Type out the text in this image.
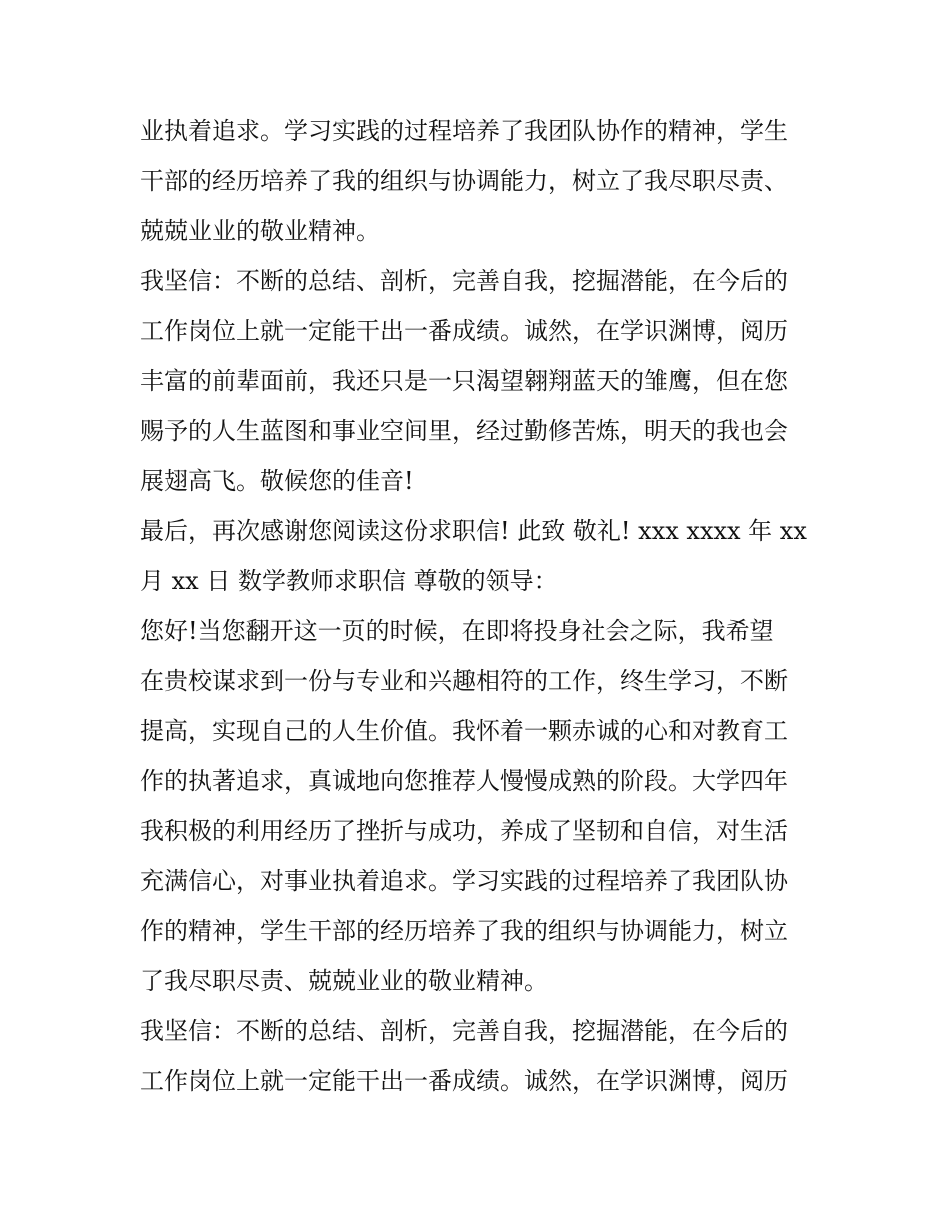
业执着追求。学习实践的过程培养了我团队协作的精神，学生
干部的经历培养了我的组织与协调能力，树立了我尽职尽责、
兢兢业业的敬业精神。
我坚信：不断的总结、剖析，完善自我，挖掘潜能，在今后的
工作岗位上就一定能干出一番成绩。诚然，在学识渊博，阅历
丰富的前辈面前，我还只是一只渴望翱翔蓝天的雏鹰，但在您
赐予的人生蓝图和事业空间里，经过勤修苦炼，明天的我也会
展翅高飞。敬候您的佳音!
最后，再次感谢您阅读这份求职信! 此致 敬礼! xxx xxxx 年 xx
月 xx 日 数学教师求职信 尊敬的领导：
您好!当您翻开这一页的时候，在即将投身社会之际，我希望
在贵校谋求到一份与专业和兴趣相符的工作，终生学习，不断
提高，实现自己的人生价值。我怀着一颗赤诚的心和对教育工
作的执著追求，真诚地向您推荐人慢慢成熟的阶段。大学四年
我积极的利用经历了挫折与成功，养成了坚韧和自信，对生活
充满信心，对事业执着追求。学习实践的过程培养了我团队协
作的精神，学生干部的经历培养了我的组织与协调能力，树立
了我尽职尽责、兢兢业业的敬业精神。
我坚信：不断的总结、剖析，完善自我，挖掘潜能，在今后的
工作岗位上就一定能干出一番成绩。诚然，在学识渊博，阅历
